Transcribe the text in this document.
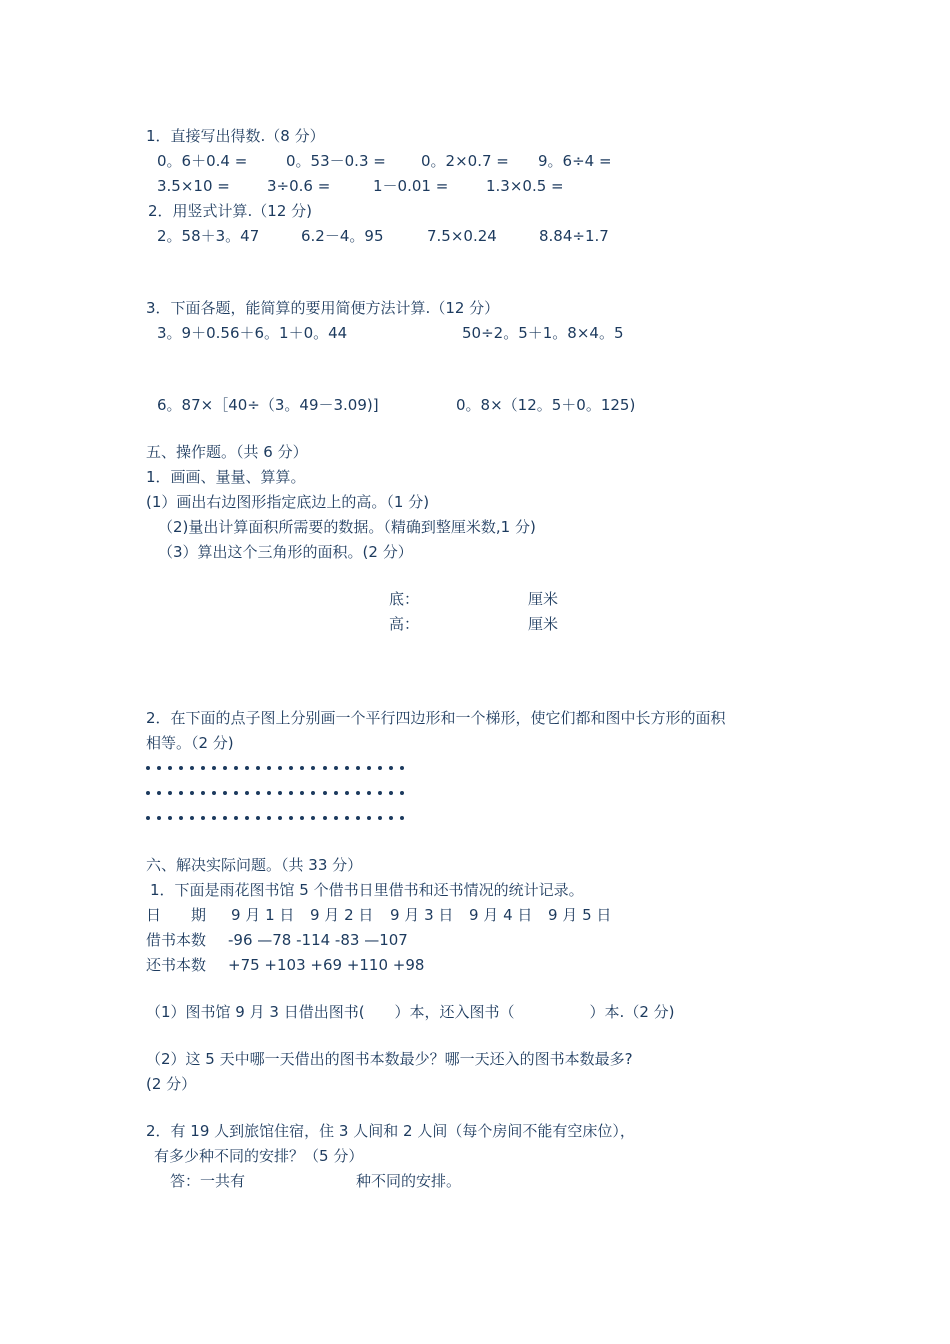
1．直接写出得数.（8 分）
0。6＋0.4 =	0。53－0.3 = 0。2×0.7 = 9。6÷4 =
3.5×10 = 3÷0.6 =	1－0.01 =	1.3×0.5 =
2．用竖式计算.（12 分)
2。58＋3。47	6.2－4。95	7.5×0.24	8.84÷1.7
3．下面各题，能简算的要用简便方法计算.（12 分）
3。9＋0.56＋6。1＋0。44	50÷2。5＋1。8×4。5
6。87×［40÷（3。49－3.09)]	0。8×（12。5＋0。125)
五、操作题。（共 6 分）
1．画画、量量、算算。
(1）画出右边图形指定底边上的高。（1 分)
（2)量出计算面积所需要的数据。（精确到整厘米数,1 分)
（3）算出这个三角形的面积。(2 分）
底：	厘米
高：	厘米
2．在下面的点子图上分别画一个平行四边形和一个梯形，使它们都和图中长方形的面积
相等。（2 分)
六、解决实际问题。（共 33 分）
1．下面是雨花图书馆 5 个借书日里借书和还书情况的统计记录。
日　　期 9 月 1 日 9 月 2 日 9 月 3 日 9 月 4 日 9 月 5 日
借书本数 -96 —78 -114 -83 —107
还书本数 +75 +103 +69 +110 +98
（1）图书馆 9 月 3 日借出图书(　　）本，还入图书（　　　　　）本.（2 分)
（2）这 5 天中哪一天借出的图书本数最少？哪一天还入的图书本数最多?
(2 分）
2．有 19 人到旅馆住宿，住 3 人间和 2 人间（每个房间不能有空床位），
有多少种不同的安排？（5 分）
答：一共有	种不同的安排。
